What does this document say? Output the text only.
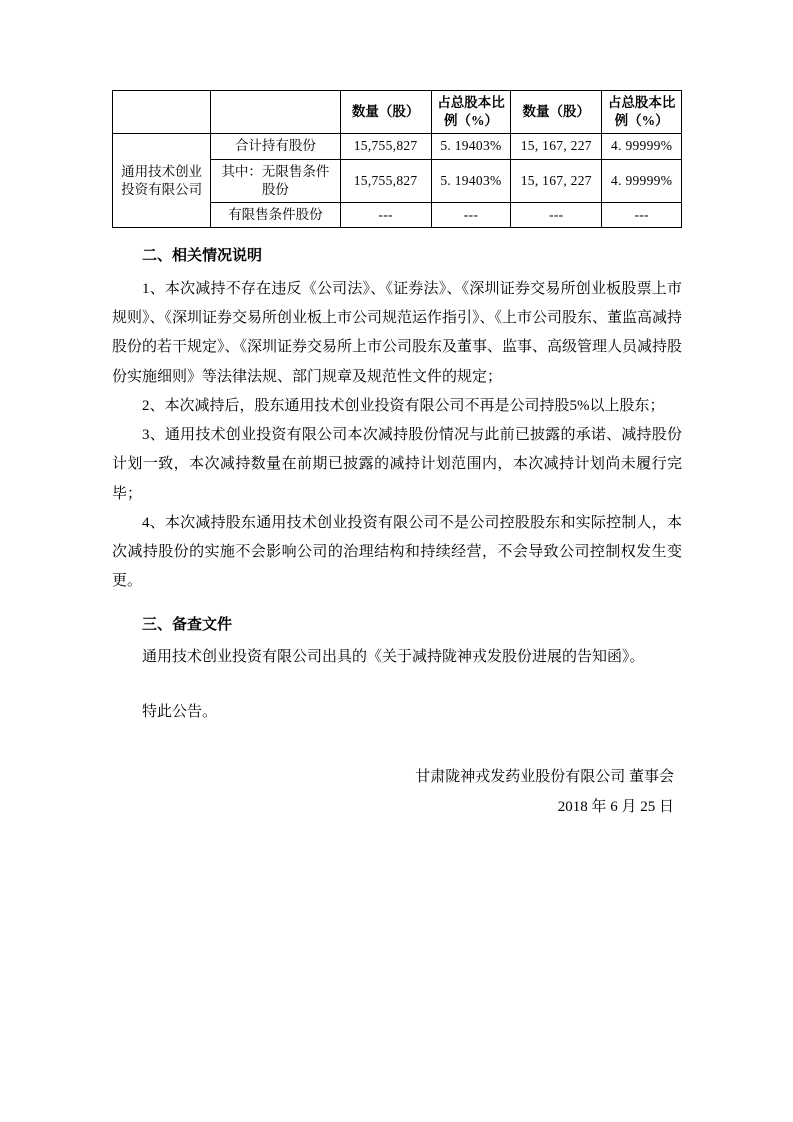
		数量（股）	占总股本比例（%）	数量（股）	占总股本比例（%）
通用技术创业投资有限公司	合计持有股份	15,755,827	5. 19403%	15, 167, 227	4. 99999%
	其中：无限售条件股份	15,755,827	5. 19403%	15, 167, 227	4. 99999%
	有限售条件股份	---	---	---	---
二、相关情况说明

1、本次减持不存在违反《公司法》、《证券法》、《深圳证券交易所创业板股票上市规则》、《深圳证券交易所创业板上市公司规范运作指引》、《上市公司股东、董监高减持股份的若干规定》、《深圳证券交易所上市公司股东及董事、监事、高级管理人员减持股份实施细则》等法律法规、部门规章及规范性文件的规定；

2、本次减持后，股东通用技术创业投资有限公司不再是公司持股5%以上股东；

3、通用技术创业投资有限公司本次减持股份情况与此前已披露的承诺、减持股份计划一致，本次减持数量在前期已披露的减持计划范围内，本次减持计划尚未履行完毕；

4、本次减持股东通用技术创业投资有限公司不是公司控股股东和实际控制人，本次减持股份的实施不会影响公司的治理结构和持续经营，不会导致公司控制权发生变更。

三、备查文件

通用技术创业投资有限公司出具的《关于减持陇神戎发股份进展的告知函》。

特此公告。

甘肃陇神戎发药业股份有限公司 董事会
2018 年 6 月 25 日
